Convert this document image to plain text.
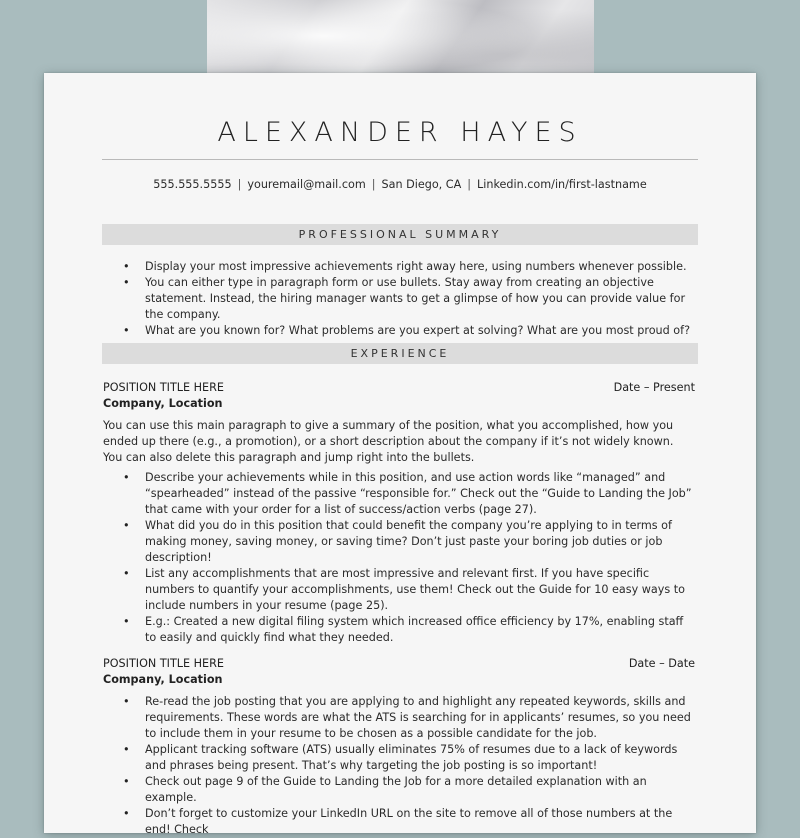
ALEXANDER HAYES
555.555.5555 | youremail@mail.com | San Diego, CA | Linkedin.com/in/first-lastname
PROFESSIONAL SUMMARY
• Display your most impressive achievements right away here, using numbers whenever possible.
• You can either type in paragraph form or use bullets. Stay away from creating an objective statement. Instead, the hiring manager wants to get a glimpse of how you can provide value for the company.
• What are you known for? What problems are you expert at solving? What are you most proud of?
EXPERIENCE
POSITION TITLE HERE	Date – Present
Company, Location
You can use this main paragraph to give a summary of the position, what you accomplished, how you ended up there (e.g., a promotion), or a short description about the company if it’s not widely known. You can also delete this paragraph and jump right into the bullets.
• Describe your achievements while in this position, and use action words like “managed” and “spearheaded” instead of the passive “responsible for.” Check out the “Guide to Landing the Job” that came with your order for a list of success/action verbs (page 27).
• What did you do in this position that could benefit the company you’re applying to in terms of making money, saving money, or saving time? Don’t just paste your boring job duties or job description!
• List any accomplishments that are most impressive and relevant first. If you have specific numbers to quantify your accomplishments, use them! Check out the Guide for 10 easy ways to include numbers in your resume (page 25).
• E.g.: Created a new digital filing system which increased office efficiency by 17%, enabling staff to easily and quickly find what they needed.
POSITION TITLE HERE	Date – Date
Company, Location
• Re-read the job posting that you are applying to and highlight any repeated keywords, skills and requirements. These words are what the ATS is searching for in applicants’ resumes, so you need to include them in your resume to be chosen as a possible candidate for the job.
• Applicant tracking software (ATS) usually eliminates 75% of resumes due to a lack of keywords and phrases being present. That’s why targeting the job posting is so important!
• Check out page 9 of the Guide to Landing the Job for a more detailed explanation with an example.
• Don’t forget to customize your LinkedIn URL on the site to remove all of those numbers at the end! Check
